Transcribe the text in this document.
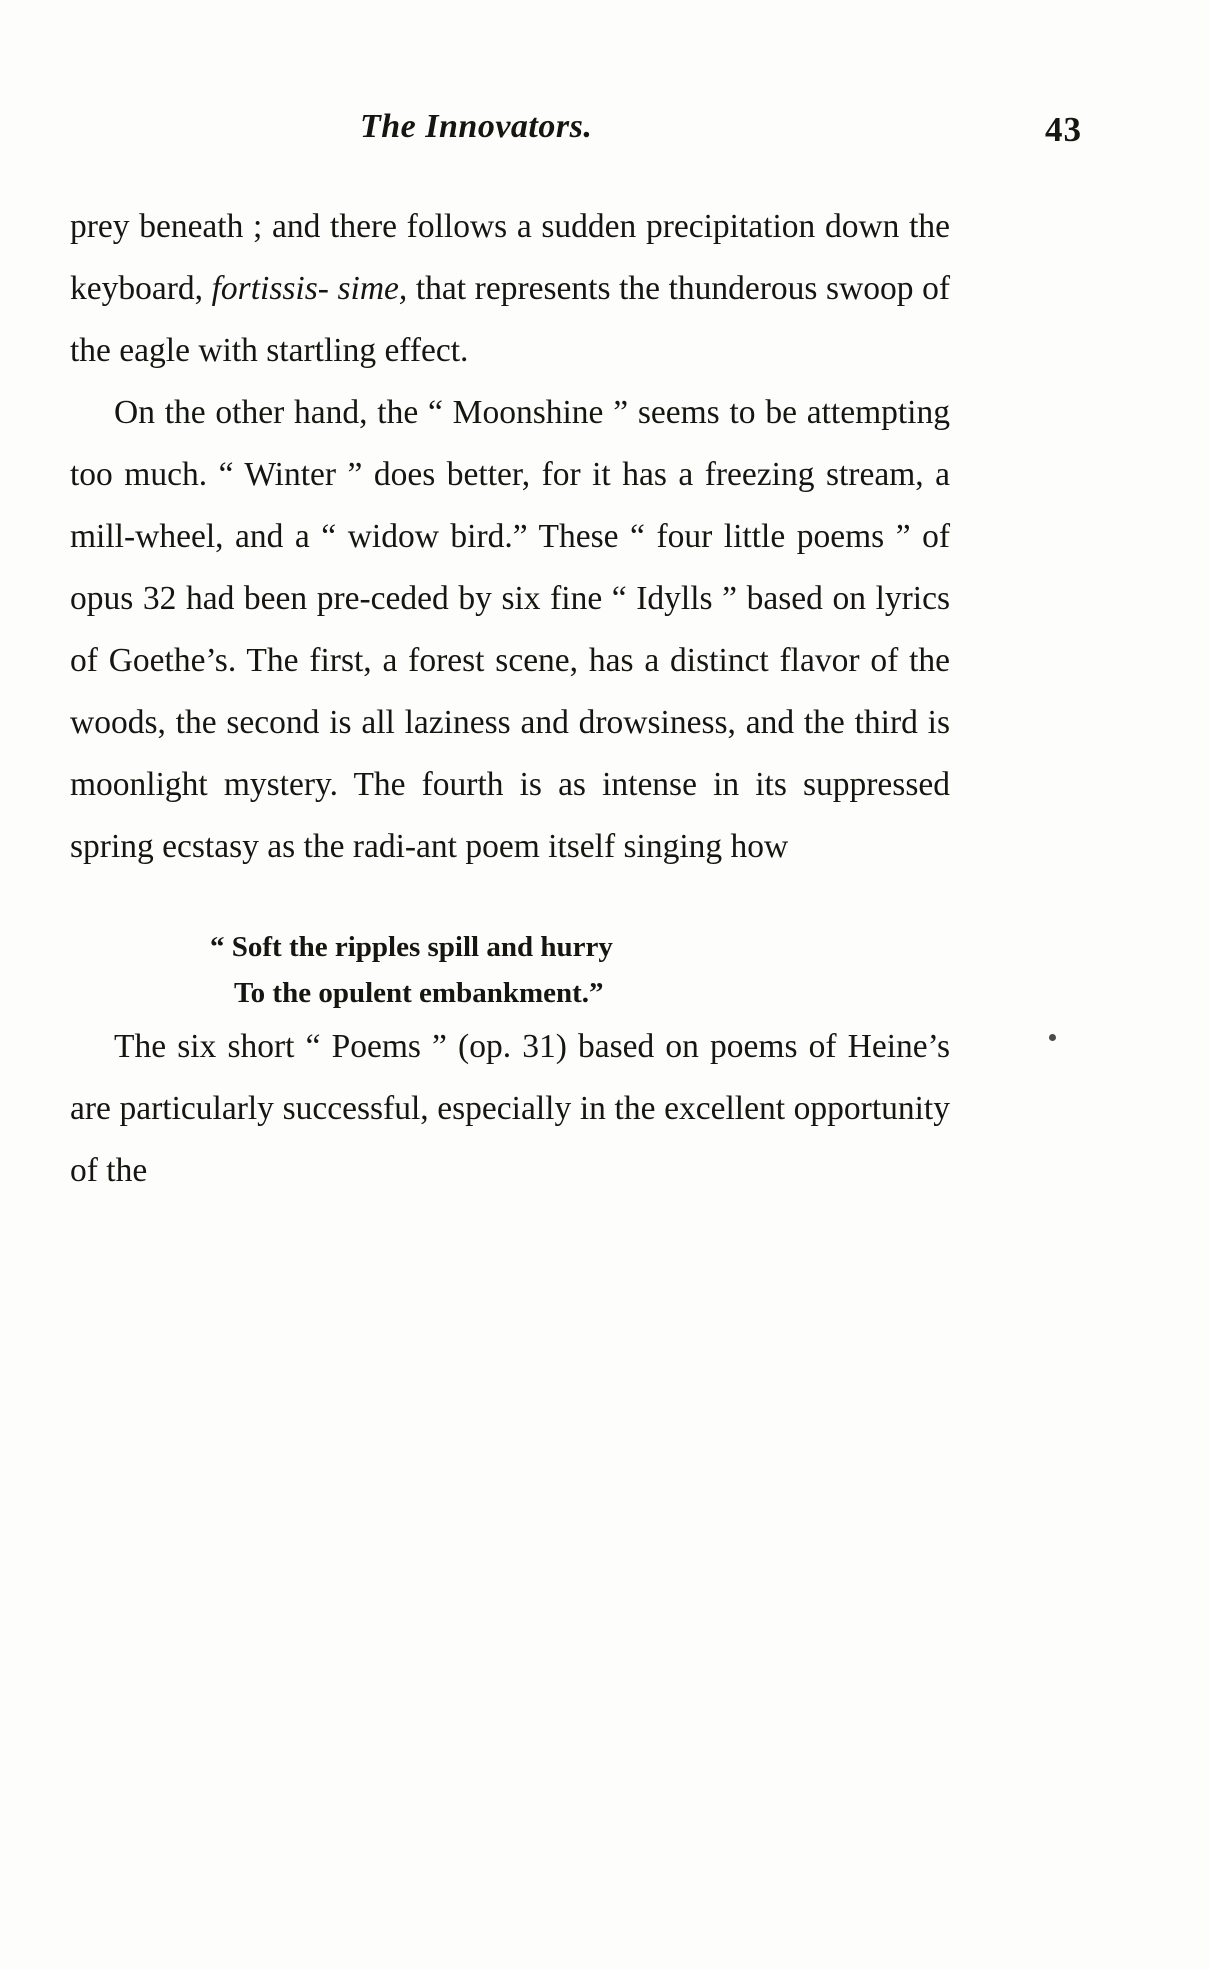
The Innovators.	43

prey beneath ; and there follows a sudden precipitation down the keyboard, fortissis- sime, that represents the thunderous swoop of the eagle with startling effect.

On the other hand, the “ Moonshine ” seems to be attempting too much. “ Winter ” does better, for it has a freezing stream, a mill-wheel, and a “ widow bird.” These “ four little poems ” of opus 32 had been pre-ceded by six fine “ Idylls ” based on lyrics of Goethe’s. The first, a forest scene, has a distinct flavor of the woods, the second is all laziness and drowsiness, and the third is moonlight mystery. The fourth is as intense in its suppressed spring ecstasy as the radi-ant poem itself singing how

“ Soft the ripples spill and hurry
To the opulent embankment.”

The six short “ Poems ” (op. 31) based on poems of Heine’s are particularly successful, especially in the excellent opportunity of the
